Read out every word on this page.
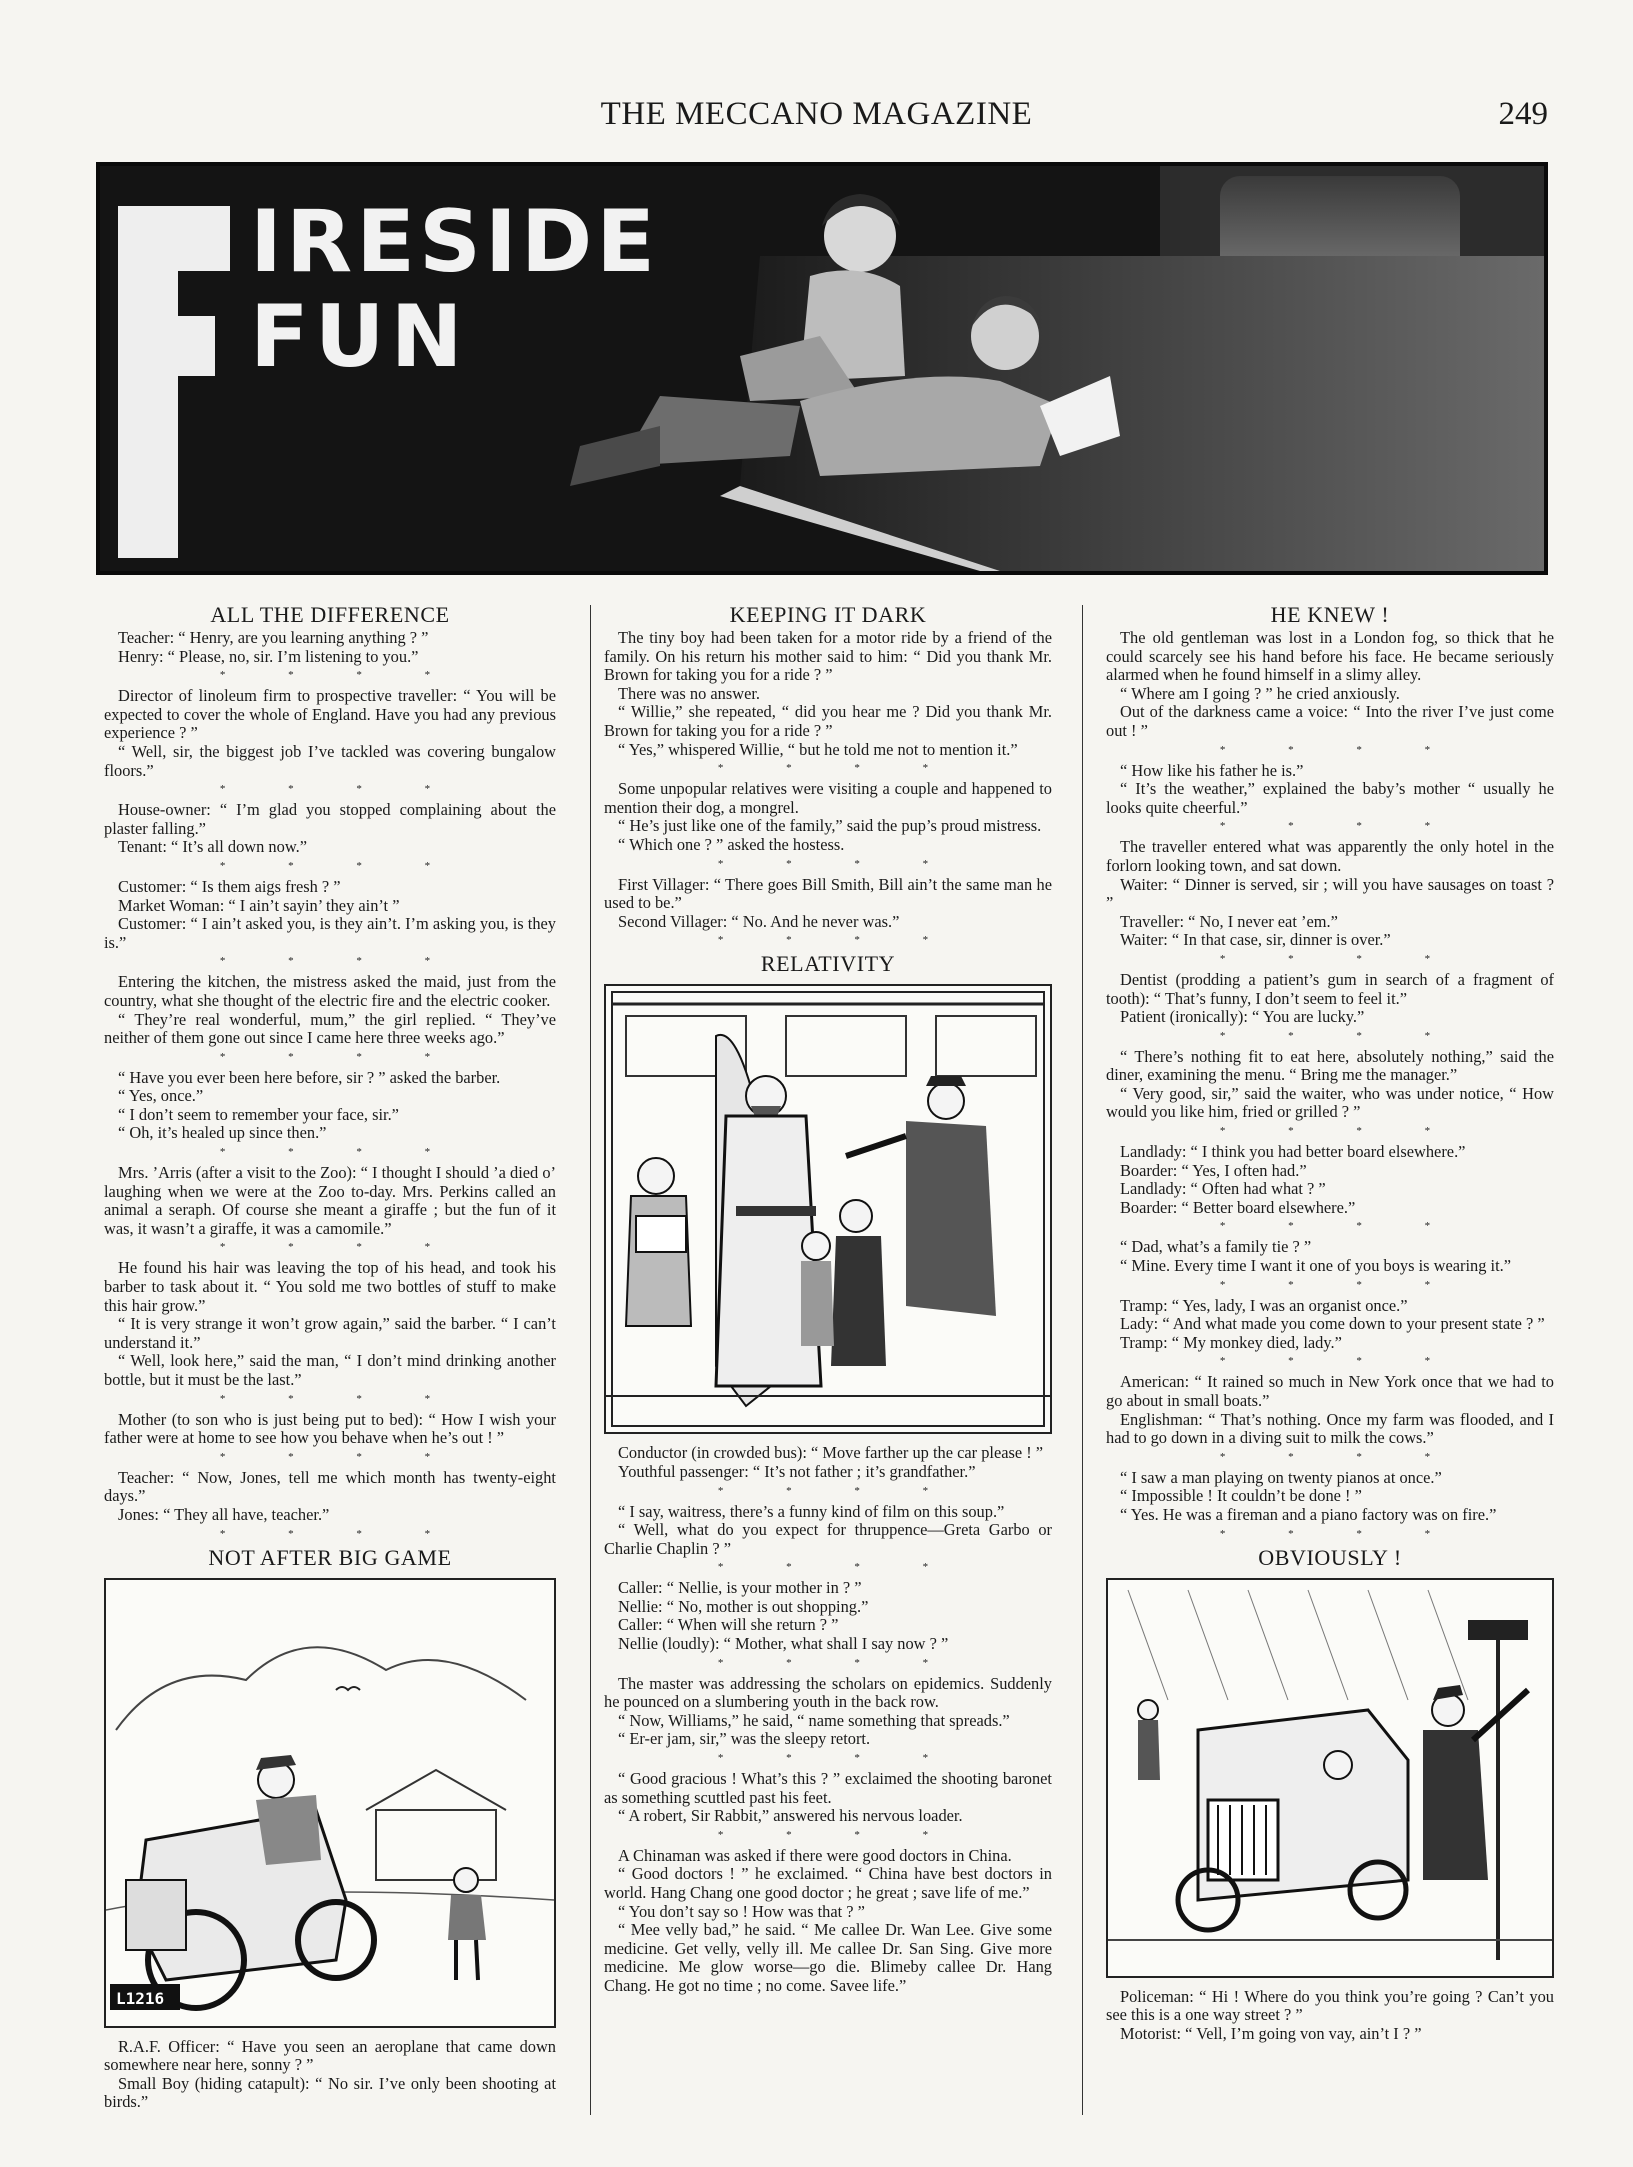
THE MECCANO MAGAZINE	249
IRESIDE
FUN
ALL THE DIFFERENCE

Teacher: “ Henry, are you learning anything ? ”

Henry: “ Please, no, sir. I’m listening to you.”

* * * *

Director of linoleum firm to prospective traveller: “ You will be expected to cover the whole of England. Have you had any previous experience ? ”

“ Well, sir, the biggest job I’ve tackled was covering bungalow floors.”

* * * *

House-owner: “ I’m glad you stopped complaining about the plaster falling.”

Tenant: “ It’s all down now.”

* * * *

Customer: “ Is them aigs fresh ? ”

Market Woman: “ I ain’t sayin’ they ain’t ”

Customer: “ I ain’t asked you, is they ain’t. I’m asking you, is they is.”

* * * *

Entering the kitchen, the mistress asked the maid, just from the country, what she thought of the electric fire and the electric cooker.

“ They’re real wonderful, mum,” the girl replied. “ They’ve neither of them gone out since I came here three weeks ago.”

* * * *

“ Have you ever been here before, sir ? ” asked the barber.

“ Yes, once.”

“ I don’t seem to remember your face, sir.”

“ Oh, it’s healed up since then.”

* * * *

Mrs. ’Arris (after a visit to the Zoo): “ I thought I should ’a died o’ laughing when we were at the Zoo to-day. Mrs. Perkins called an animal a seraph. Of course she meant a giraffe ; but the fun of it was, it wasn’t a giraffe, it was a camomile.”

* * * *

He found his hair was leaving the top of his head, and took his barber to task about it. “ You sold me two bottles of stuff to make this hair grow.”

“ It is very strange it won’t grow again,” said the barber. “ I can’t understand it.”

“ Well, look here,” said the man, “ I don’t mind drinking another bottle, but it must be the last.”

* * * *

Mother (to son who is just being put to bed): “ How I wish your father were at home to see how you behave when he’s out ! ”

* * * *

Teacher: “ Now, Jones, tell me which month has twenty-eight days.”

Jones: “ They all have, teacher.”

* * * *
NOT AFTER BIG GAME
L1216

R.A.F. Officer: “ Have you seen an aeroplane that came down somewhere near here, sonny ? ”

Small Boy (hiding catapult): “ No sir. I’ve only been shooting at birds.”

KEEPING IT DARK

The tiny boy had been taken for a motor ride by a friend of the family. On his return his mother said to him: “ Did you thank Mr. Brown for taking you for a ride ? ”

There was no answer.

“ Willie,” she repeated, “ did you hear me ? Did you thank Mr. Brown for taking you for a ride ? ”

“ Yes,” whispered Willie, “ but he told me not to mention it.”

* * * *

Some unpopular relatives were visiting a couple and happened to mention their dog, a mongrel.

“ He’s just like one of the family,” said the pup’s proud mistress.

“ Which one ? ” asked the hostess.

* * * *

First Villager: “ There goes Bill Smith, Bill ain’t the same man he used to be.”

Second Villager: “ No. And he never was.”

* * * *
RELATIVITY

Conductor (in crowded bus): “ Move farther up the car please ! ”

Youthful passenger: “ It’s not father ; it’s grandfather.”

* * * *

“ I say, waitress, there’s a funny kind of film on this soup.”

“ Well, what do you expect for thruppence—Greta Garbo or Charlie Chaplin ? ”

* * * *

Caller: “ Nellie, is your mother in ? ”

Nellie: “ No, mother is out shopping.”

Caller: “ When will she return ? ”

Nellie (loudly): “ Mother, what shall I say now ? ”

* * * *

The master was addressing the scholars on epidemics. Suddenly he pounced on a slumbering youth in the back row.

“ Now, Williams,” he said, “ name something that spreads.”

“ Er-er jam, sir,” was the sleepy retort.

* * * *

“ Good gracious ! What’s this ? ” exclaimed the shooting baronet as something scuttled past his feet.

“ A robert, Sir Rabbit,” answered his nervous loader.

* * * *

A Chinaman was asked if there were good doctors in China.

“ Good doctors ! ” he exclaimed. “ China have best doctors in world. Hang Chang one good doctor ; he great ; save life of me.”

“ You don’t say so ! How was that ? ”

“ Mee velly bad,” he said. “ Me callee Dr. Wan Lee. Give some medicine. Get velly, velly ill. Me callee Dr. San Sing. Give more medicine. Me glow worse—go die. Blimeby callee Dr. Hang Chang. He got no time ; no come. Savee life.”

HE KNEW !

The old gentleman was lost in a London fog, so thick that he could scarcely see his hand before his face. He became seriously alarmed when he found himself in a slimy alley.

“ Where am I going ? ” he cried anxiously.

Out of the darkness came a voice: “ Into the river I’ve just come out ! ”

* * * *

“ How like his father he is.”

“ It’s the weather,” explained the baby’s mother “ usually he looks quite cheerful.”

* * * *

The traveller entered what was apparently the only hotel in the forlorn looking town, and sat down.

Waiter: “ Dinner is served, sir ; will you have sausages on toast ? ”

Traveller: “ No, I never eat ’em.”

Waiter: “ In that case, sir, dinner is over.”

* * * *

Dentist (prodding a patient’s gum in search of a fragment of tooth): “ That’s funny, I don’t seem to feel it.”

Patient (ironically): “ You are lucky.”

* * * *

“ There’s nothing fit to eat here, absolutely nothing,” said the diner, examining the menu. “ Bring me the manager.”

“ Very good, sir,” said the waiter, who was under notice, “ How would you like him, fried or grilled ? ”

* * * *

Landlady: “ I think you had better board elsewhere.”

Boarder: “ Yes, I often had.”

Landlady: “ Often had what ? ”

Boarder: “ Better board elsewhere.”

* * * *

“ Dad, what’s a family tie ? ”

“ Mine. Every time I want it one of you boys is wearing it.”

* * * *

Tramp: “ Yes, lady, I was an organist once.”

Lady: “ And what made you come down to your present state ? ”

Tramp: “ My monkey died, lady.”

* * * *

American: “ It rained so much in New York once that we had to go about in small boats.”

Englishman: “ That’s nothing. Once my farm was flooded, and I had to go down in a diving suit to milk the cows.”

* * * *

“ I saw a man playing on twenty pianos at once.”

“ Impossible ! It couldn’t be done ! ”

“ Yes. He was a fireman and a piano factory was on fire.”

* * * *
OBVIOUSLY !

Policeman: “ Hi ! Where do you think you’re going ? Can’t you see this is a one way street ? ”

Motorist: “ Vell, I’m going von vay, ain’t I ? ”
